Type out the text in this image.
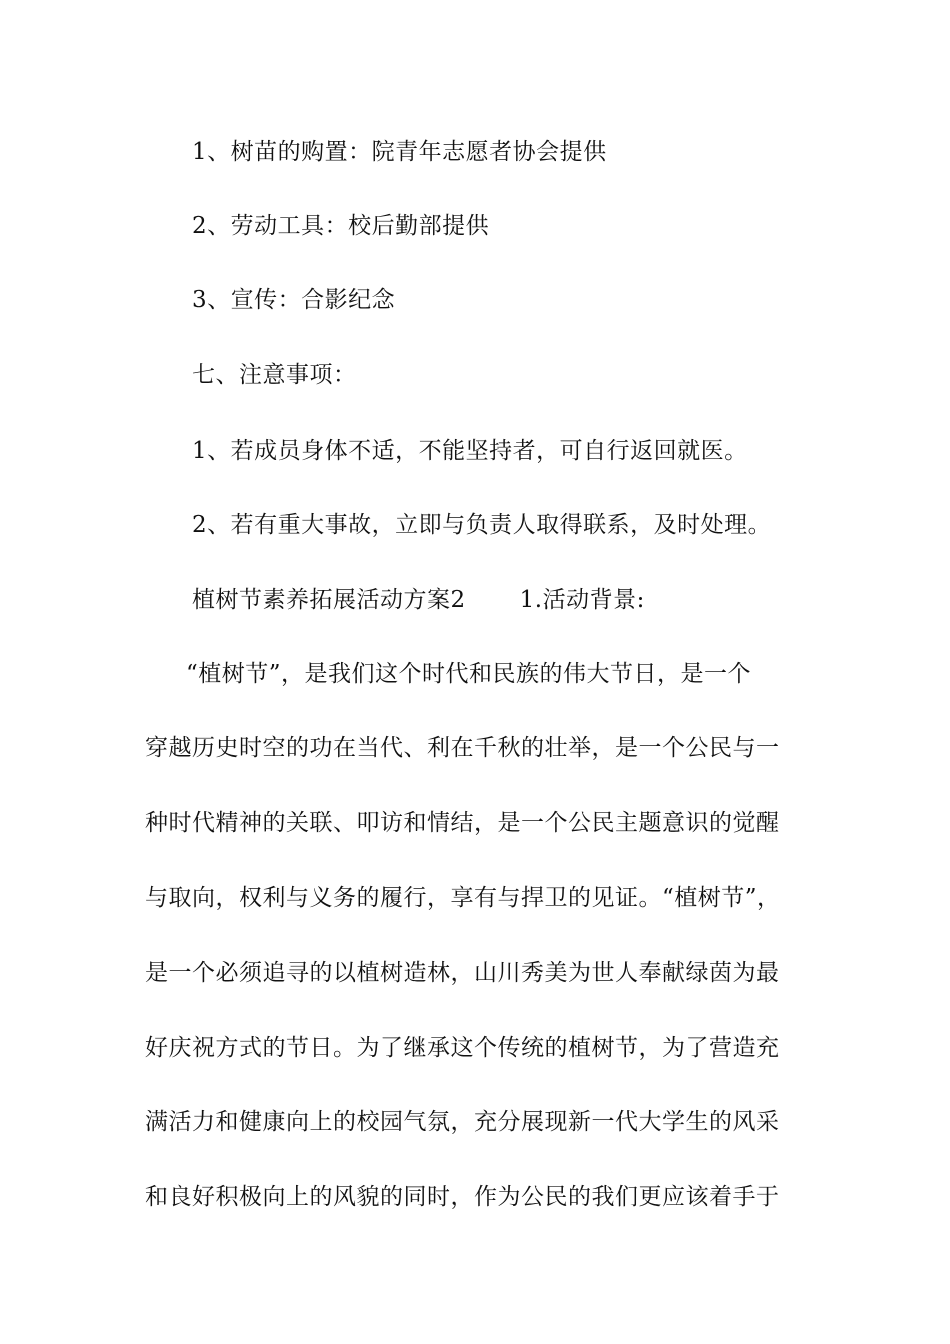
1、树苗的购置：院青年志愿者协会提供

2、劳动工具：校后勤部提供

3、宣传：合影纪念

七、注意事项：

1、若成员身体不适，不能坚持者，可自行返回就医。

2、若有重大事故，立即与负责人取得联系，及时处理。

植树节素养拓展活动方案2 1.活动背景:

“植树节”，是我们这个时代和民族的伟大节日，是一个

穿越历史时空的功在当代、利在千秋的壮举，是一个公民与一

种时代精神的关联、叩访和情结，是一个公民主题意识的觉醒

与取向，权利与义务的履行，享有与捍卫的见证。“植树节”，

是一个必须追寻的以植树造林，山川秀美为世人奉献绿茵为最

好庆祝方式的节日。为了继承这个传统的植树节，为了营造充

满活力和健康向上的校园气氛，充分展现新一代大学生的风采

和良好积极向上的风貌的同时，作为公民的我们更应该着手于
